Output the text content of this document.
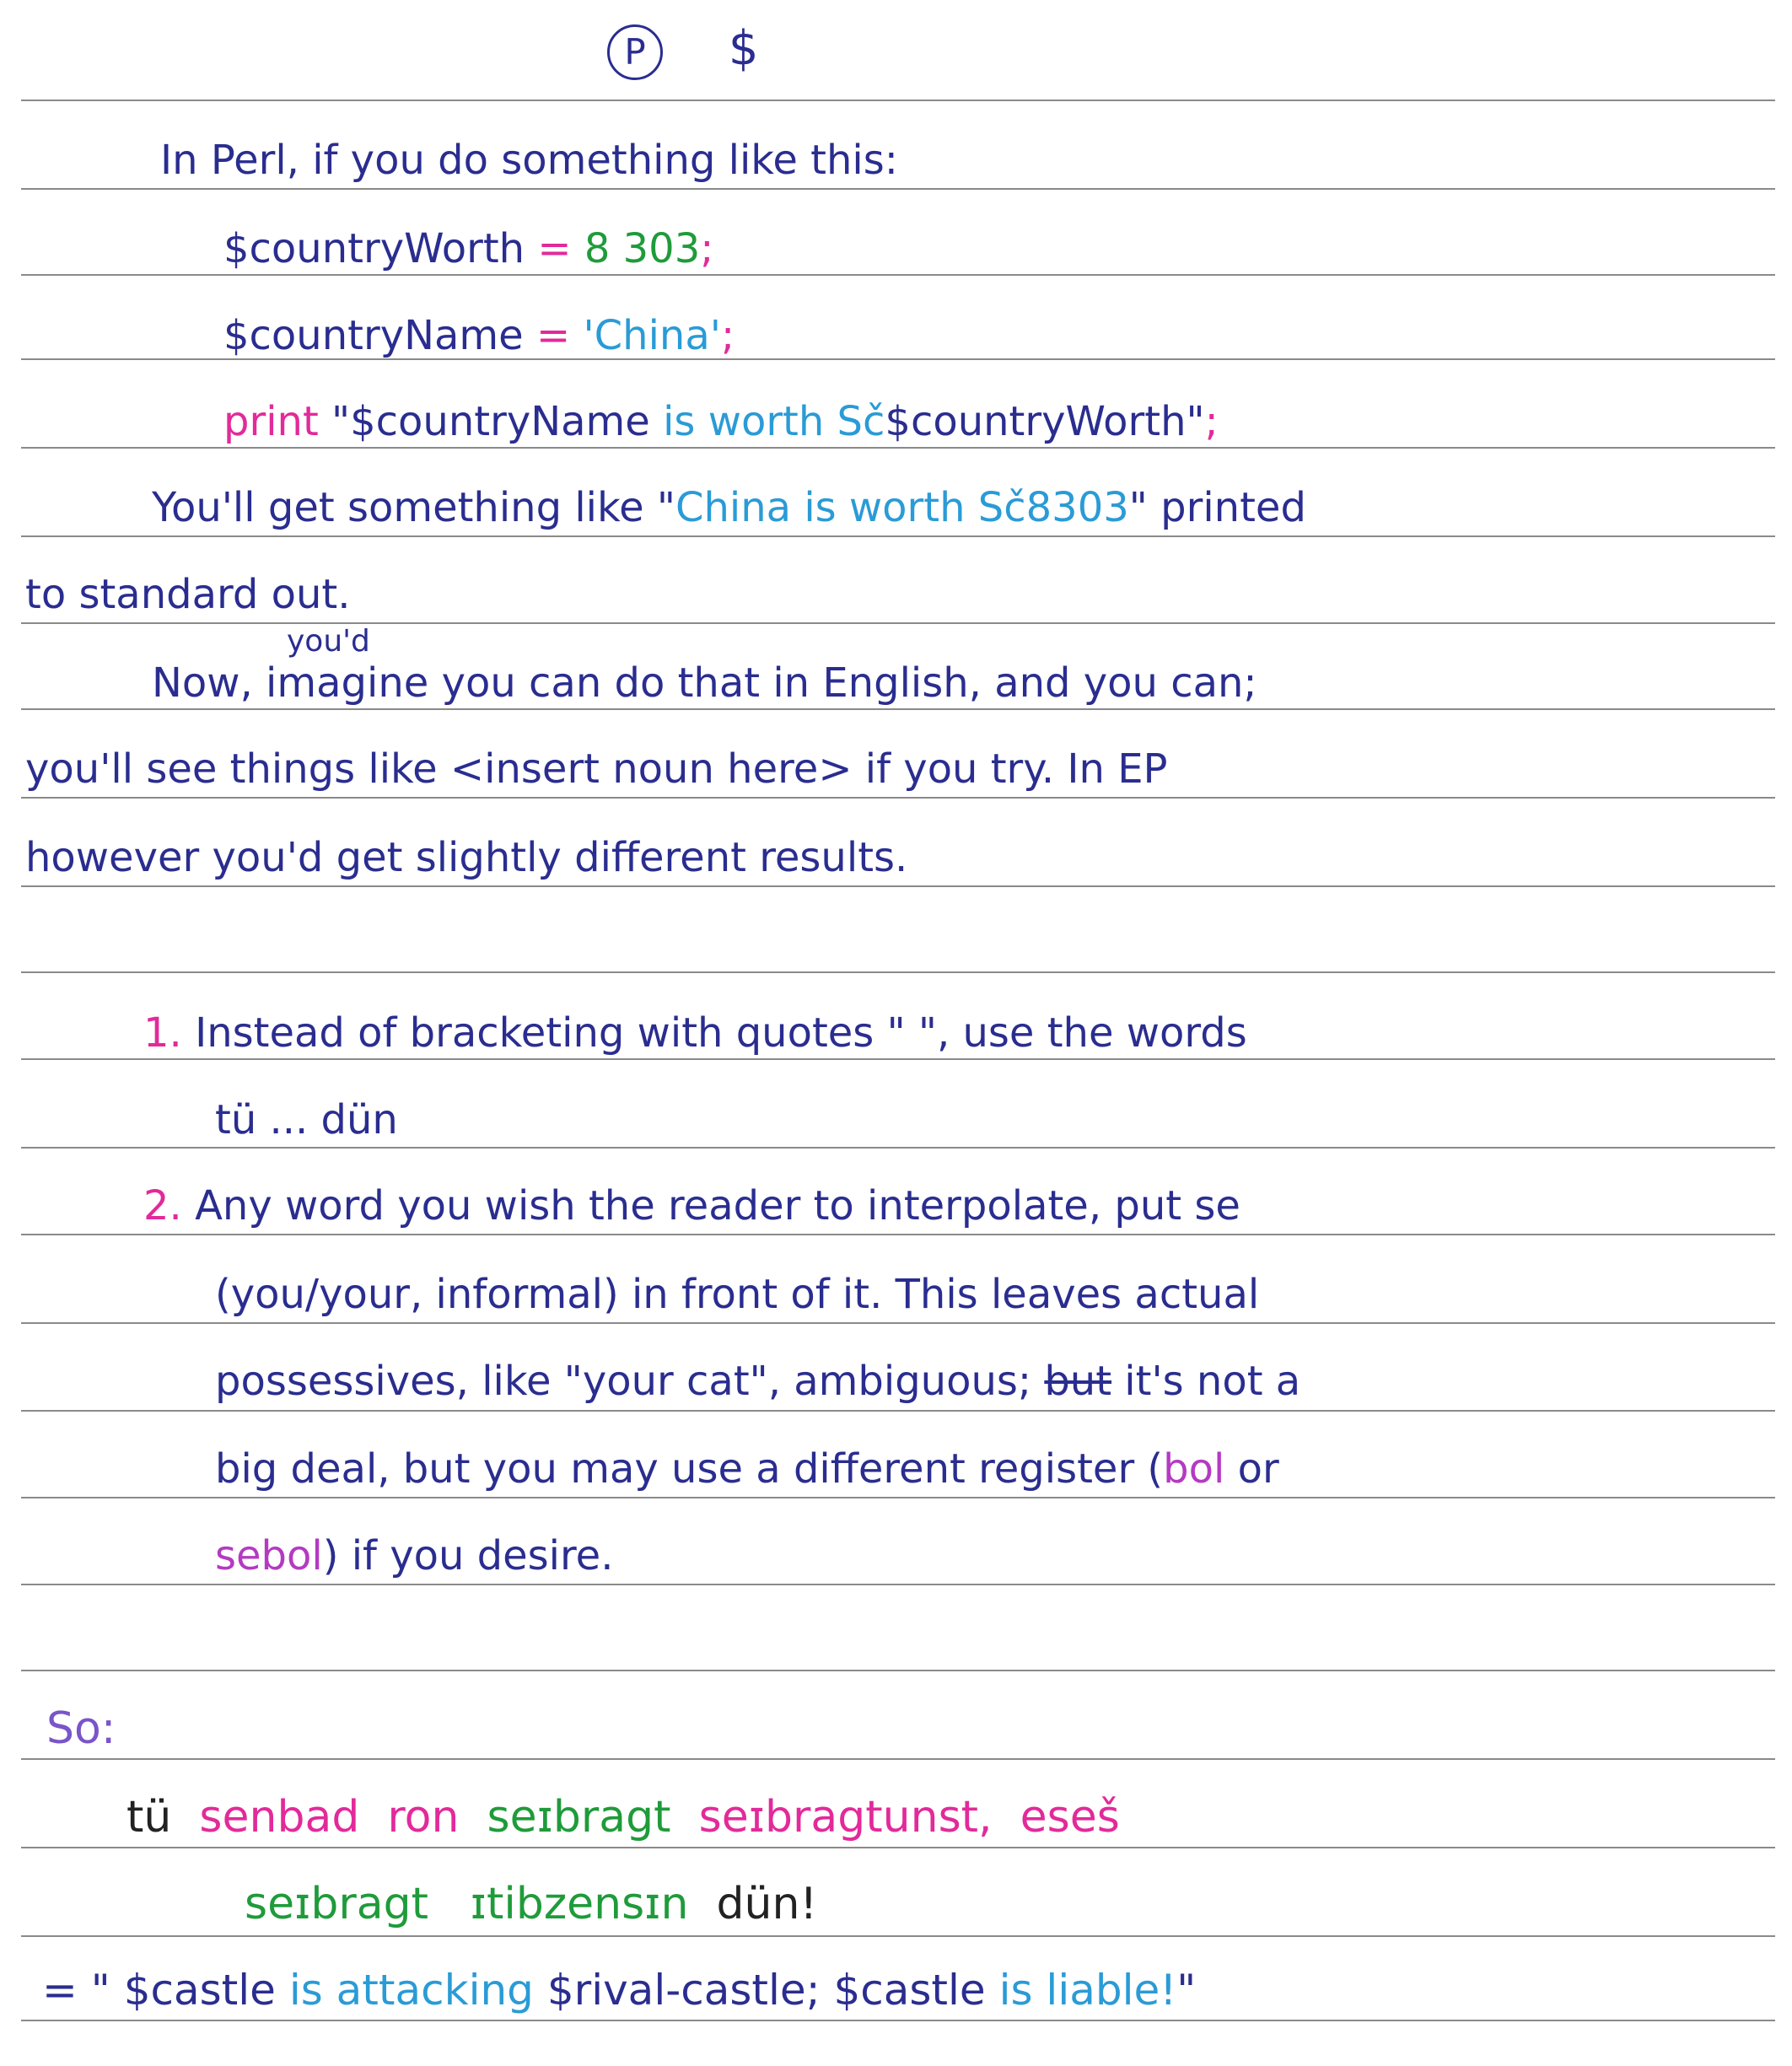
P $
In Perl, if you do something like this:
$countryWorth = 8 303;
$countryName = 'China';
print "$countryName is worth Sč$countryWorth";
You'll get something like "China is worth Sč8303" printed
to standard out.
you'd
Now, imagine you can do that in English, and you can;
you'll see things like <insert noun here> if you try. In EP
however you'd get slightly different results.
1. Instead of bracketing with quotes " ", use the words
tü ... dün
2. Any word you wish the reader to interpolate, put se
(you/your, informal) in front of it. This leaves actual
possessives, like "your cat", ambiguous; but it's not a
big deal, but you may use a different register (bol or
sebol) if you desire.
So:
tü senbad ron seɪbragt seɪbragtunst, eseš
seɪbragt ɪtibzensɪn dün!
= " $castle is attacking $rival-castle; $castle is liable!"
